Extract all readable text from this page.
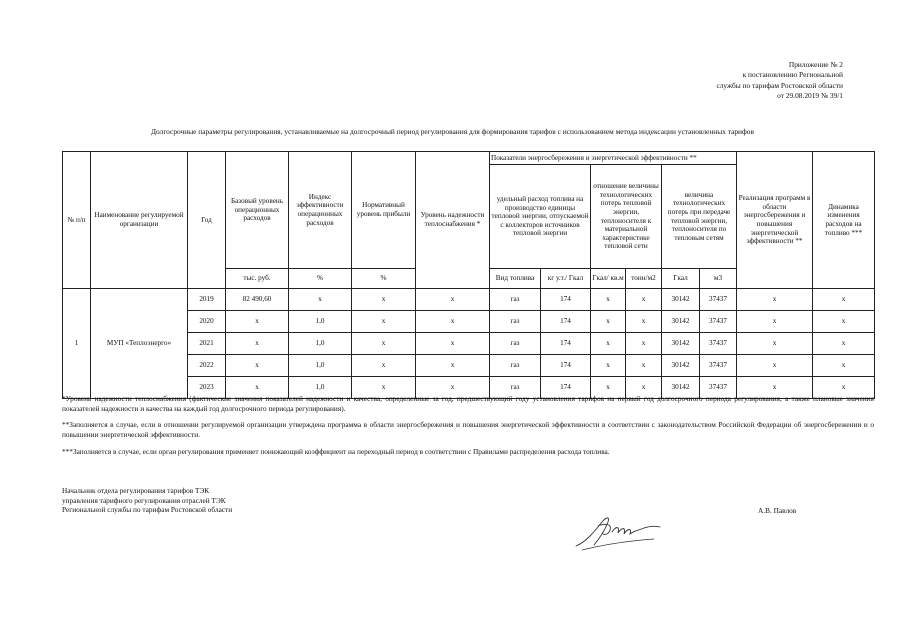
Приложение № 2
к постановлению Региональной
службы по тарифам Ростовской области
от 29.08.2019 № 39/1
Долгосрочные параметры регулирования, устанавливаемые на долгосрочный период регулирования для формирования тарифов с использованием метода индексации установленных тарифов
№ п/п	Наименование регулируемой организации	Год	Базовый уровень операционных расходов	Индекс эффективности операционных расходов	Нормативный уровень прибыли	Уровень надежности теплоснабжения *	Показатели энергосбережения и энергетической эффективности **						Реализация программ в области энергосбережения и повышения энергетической эффективности **	Динамика изменения расходов на топливо ***
							удельный расход топлива на производство единицы тепловой энергии, отпускаемой с коллекторов источников тепловой энергии		отношение величины технологических потерь тепловой энергии, теплоносителя к материальной характеристике тепловой сети		величина технологических потерь при передаче тепловой энергии, теплоносителя по тепловым сетям			
			тыс. руб.	%	%		Вид топлива	кг у.т./ Гкал	Гкал/ кв.м	тонн/м2	Гкал	м3		
1	МУП «Теплоэнерго»	2019	82 490,60	x	x	x	газ	174	x	x	30142	37437	x	x
		2020	x	1,0	x	x	газ	174	x	x	30142	37437	x	x
		2021	x	1,0	x	x	газ	174	x	x	30142	37437	x	x
		2022	x	1,0	x	x	газ	174	x	x	30142	37437	x	x
		2023	x	1,0	x	x	газ	174	x	x	30142	37437	x	x
*Уровень надежности теплоснабжения (фактические значения показателей надежности и качества, определенные за год, предшествующий году установления тарифов на первый год долгосрочного периода регулирования, а также плановые значения показателей надежности и качества на каждый год долгосрочного периода регулирования).
**Заполняется в случае, если в отношении регулируемой организации утверждена программа в области энергосбережения и повышения энергетической эффективности в соответствии с законодательством Российской Федерации об энергосбережении и о повышении энергетической эффективности.
***Заполняется в случае, если орган регулирования применяет понижающий коэффициент на переходный период в соответствии с Правилами распределения расхода топлива.
Начальник отдела регулирования тарифов ТЭК
управления тарифного регулирования отраслей ТЭК
Региональной службы по тарифам Ростовской области	А.В. Павлов
